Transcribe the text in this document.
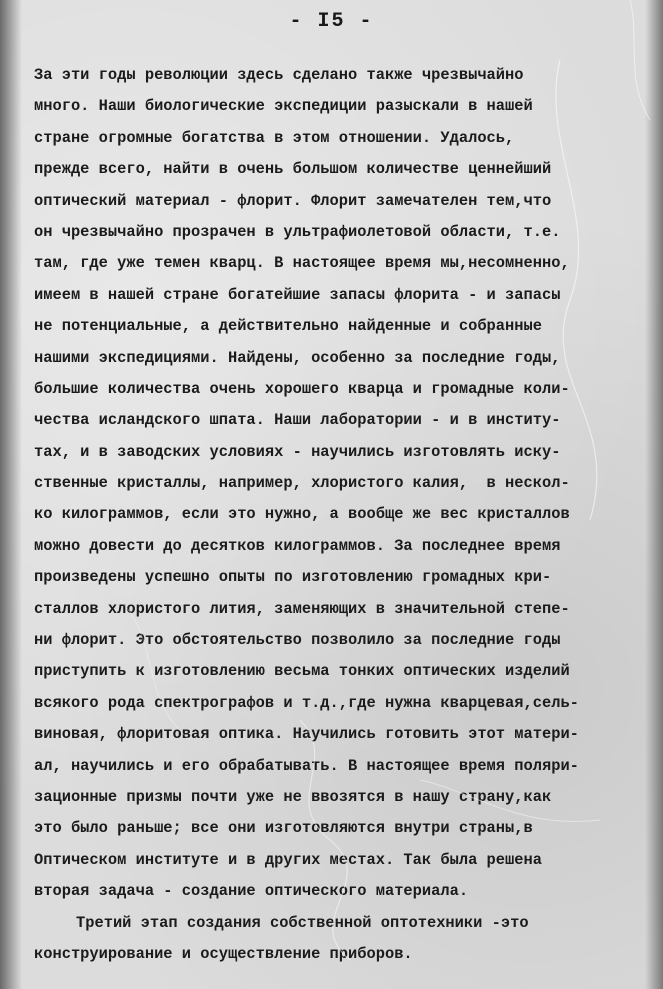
- I5 -
За эти годы революции здесь сделано также чрезвычайно
много. Наши биологические экспедиции разыскали в нашей
стране огромные богатства в этом отношении. Удалось,
прежде всего, найти в очень большом количестве ценнейший
оптический материал - флорит. Флорит замечателен тем,что
он чрезвычайно прозрачен в ультрафиолетовой области, т.е.
там, где уже темен кварц. В настоящее время мы,несомненно,
имеем в нашей стране богатейшие запасы флорита - и запасы
не потенциальные, а действительно найденные и собранные
нашими экспедициями. Найдены, особенно за последние годы,
большие количества очень хорошего кварца и громадные коли-
чества исландского шпата. Наши лаборатории - и в институ-
тах, и в заводских условиях - научились изготовлять иску-
ственные кристаллы, например, хлористого калия,  в нескол-
ко килограммов, если это нужно, а вообще же вес кристаллов
можно довести до десятков килограммов. За последнее время
произведены успешно опыты по изготовлению громадных кри-
сталлов хлористого лития, заменяющих в значительной степе-
ни флорит. Это обстоятельство позволило за последние годы
приступить к изготовлению весьма тонких оптических изделий
всякого рода спектрографов и т.д.,где нужна кварцевая,сель-
виновая, флоритовая оптика. Научились готовить этот матери-
ал, научились и его обрабатывать. В настоящее время поляри-
зационные призмы почти уже не ввозятся в нашу страну,как
это было раньше; все они изготовляются внутри страны,в
Оптическом институте и в других местах. Так была решена
вторая задача - создание оптического материала.
Третий этап создания собственной оптотехники -это
конструирование и осуществление приборов.
